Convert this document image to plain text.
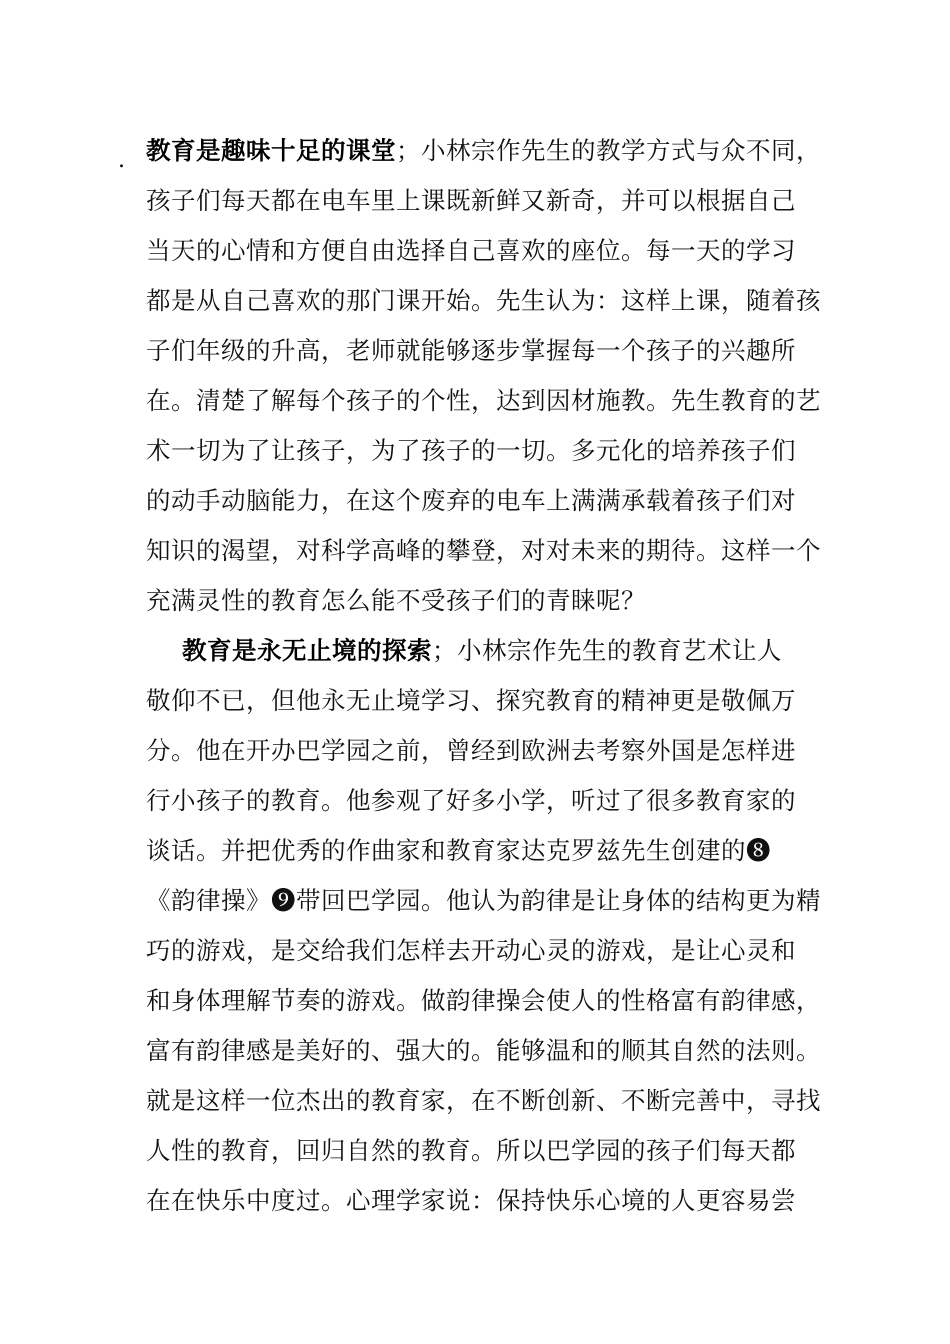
. 教育是趣味十足的课堂；小林宗作先生的教学方式与众不同，
孩子们每天都在电车里上课既新鲜又新奇，并可以根据自己
当天的心情和方便自由选择自己喜欢的座位。每一天的学习
都是从自己喜欢的那门课开始。先生认为：这样上课，随着孩
子们年级的升高，老师就能够逐步掌握每一个孩子的兴趣所
在。清楚了解每个孩子的个性，达到因材施教。先生教育的艺
术一切为了让孩子，为了孩子的一切。多元化的培养孩子们
的动手动脑能力，在这个废弃的电车上满满承载着孩子们对
知识的渴望，对科学高峰的攀登，对对未来的期待。这样一个
充满灵性的教育怎么能不受孩子们的青睐呢？
教育是永无止境的探索；小林宗作先生的教育艺术让人
敬仰不已，但他永无止境学习、探究教育的精神更是敬佩万
分。他在开办巴学园之前，曾经到欧洲去考察外国是怎样进
行小孩子的教育。他参观了好多小学，听过了很多教育家的
谈话。并把优秀的作曲家和教育家达克罗兹先生创建的❽
《韵律操》❾带回巴学园。他认为韵律是让身体的结构更为精
巧的游戏，是交给我们怎样去开动心灵的游戏，是让心灵和
和身体理解节奏的游戏。做韵律操会使人的性格富有韵律感，
富有韵律感是美好的、强大的。能够温和的顺其自然的法则。
就是这样一位杰出的教育家，在不断创新、不断完善中，寻找
人性的教育，回归自然的教育。所以巴学园的孩子们每天都
在在快乐中度过。心理学家说：保持快乐心境的人更容易尝
